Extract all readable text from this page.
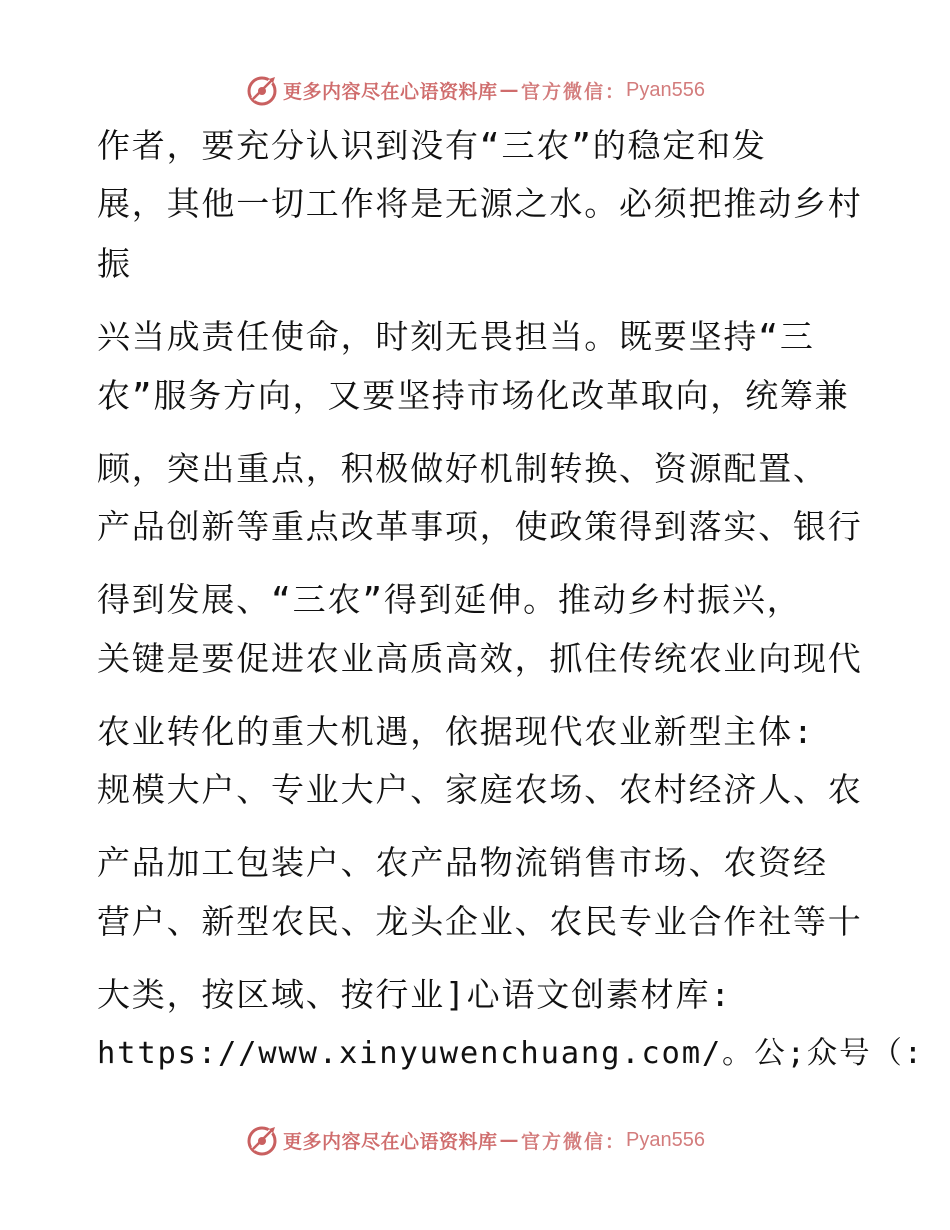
更多内容尽在心语资料库 — 官方微信： Pyan556
作者，要充分认识到没有“三农”的稳定和发
展，其他一切工作将是无源之水。必须把推动乡村
振
兴当成责任使命，时刻无畏担当。既要坚持“三
农”服务方向，又要坚持市场化改革取向，统筹兼
顾，突出重点，积极做好机制转换、资源配置、
产品创新等重点改革事项，使政策得到落实、银行
得到发展、“三农”得到延伸。推动乡村振兴，
关键是要促进农业高质高效，抓住传统农业向现代
农业转化的重大机遇，依据现代农业新型主体:
规模大户、专业大户、家庭农场、农村经济人、农
产品加工包装户、农产品物流销售市场、农资经
营户、新型农民、龙头企业、农民专业合作社等十
大类，按区域、按行业]心语文创素材库:
https://www.xinyuwenchuang.com/。公;众号（:
更多内容尽在心语资料库 — 官方微信： Pyan556
